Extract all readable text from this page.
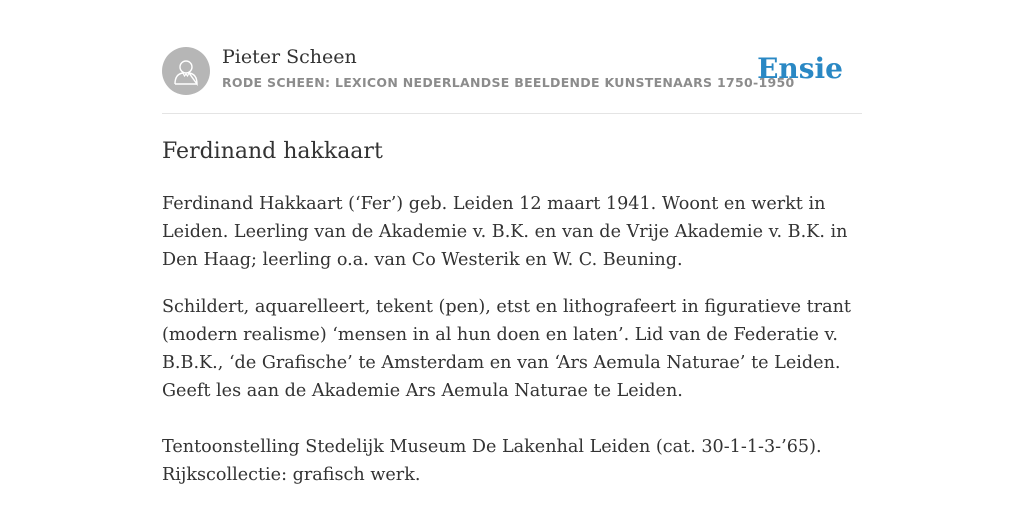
Pieter Scheen
RODE SCHEEN: LEXICON NEDERLANDSE BEELDENDE KUNSTENAARS 1750-1950
Ensie
Ferdinand hakkaart

Ferdinand Hakkaart (‘Fer’) geb. Leiden 12 maart 1941. Woont en werkt in Leiden. Leerling van de Akademie v. B.K. en van de Vrije Akademie v. B.K. in Den Haag; leerling o.a. van Co Westerik en W. C. Beuning.

Schildert, aquarelleert, tekent (pen), etst en lithografeert in figuratieve trant (modern realisme) ‘mensen in al hun doen en laten’. Lid van de Federatie v. B.B.K., ‘de Grafische’ te Amsterdam en van ‘Ars Aemula Naturae’ te Leiden. Geeft les aan de Akademie Ars Aemula Naturae te Leiden.

Tentoonstelling Stedelijk Museum De Lakenhal Leiden (cat. 30-1-1-3-’65). Rijkscollectie: grafisch werk.
